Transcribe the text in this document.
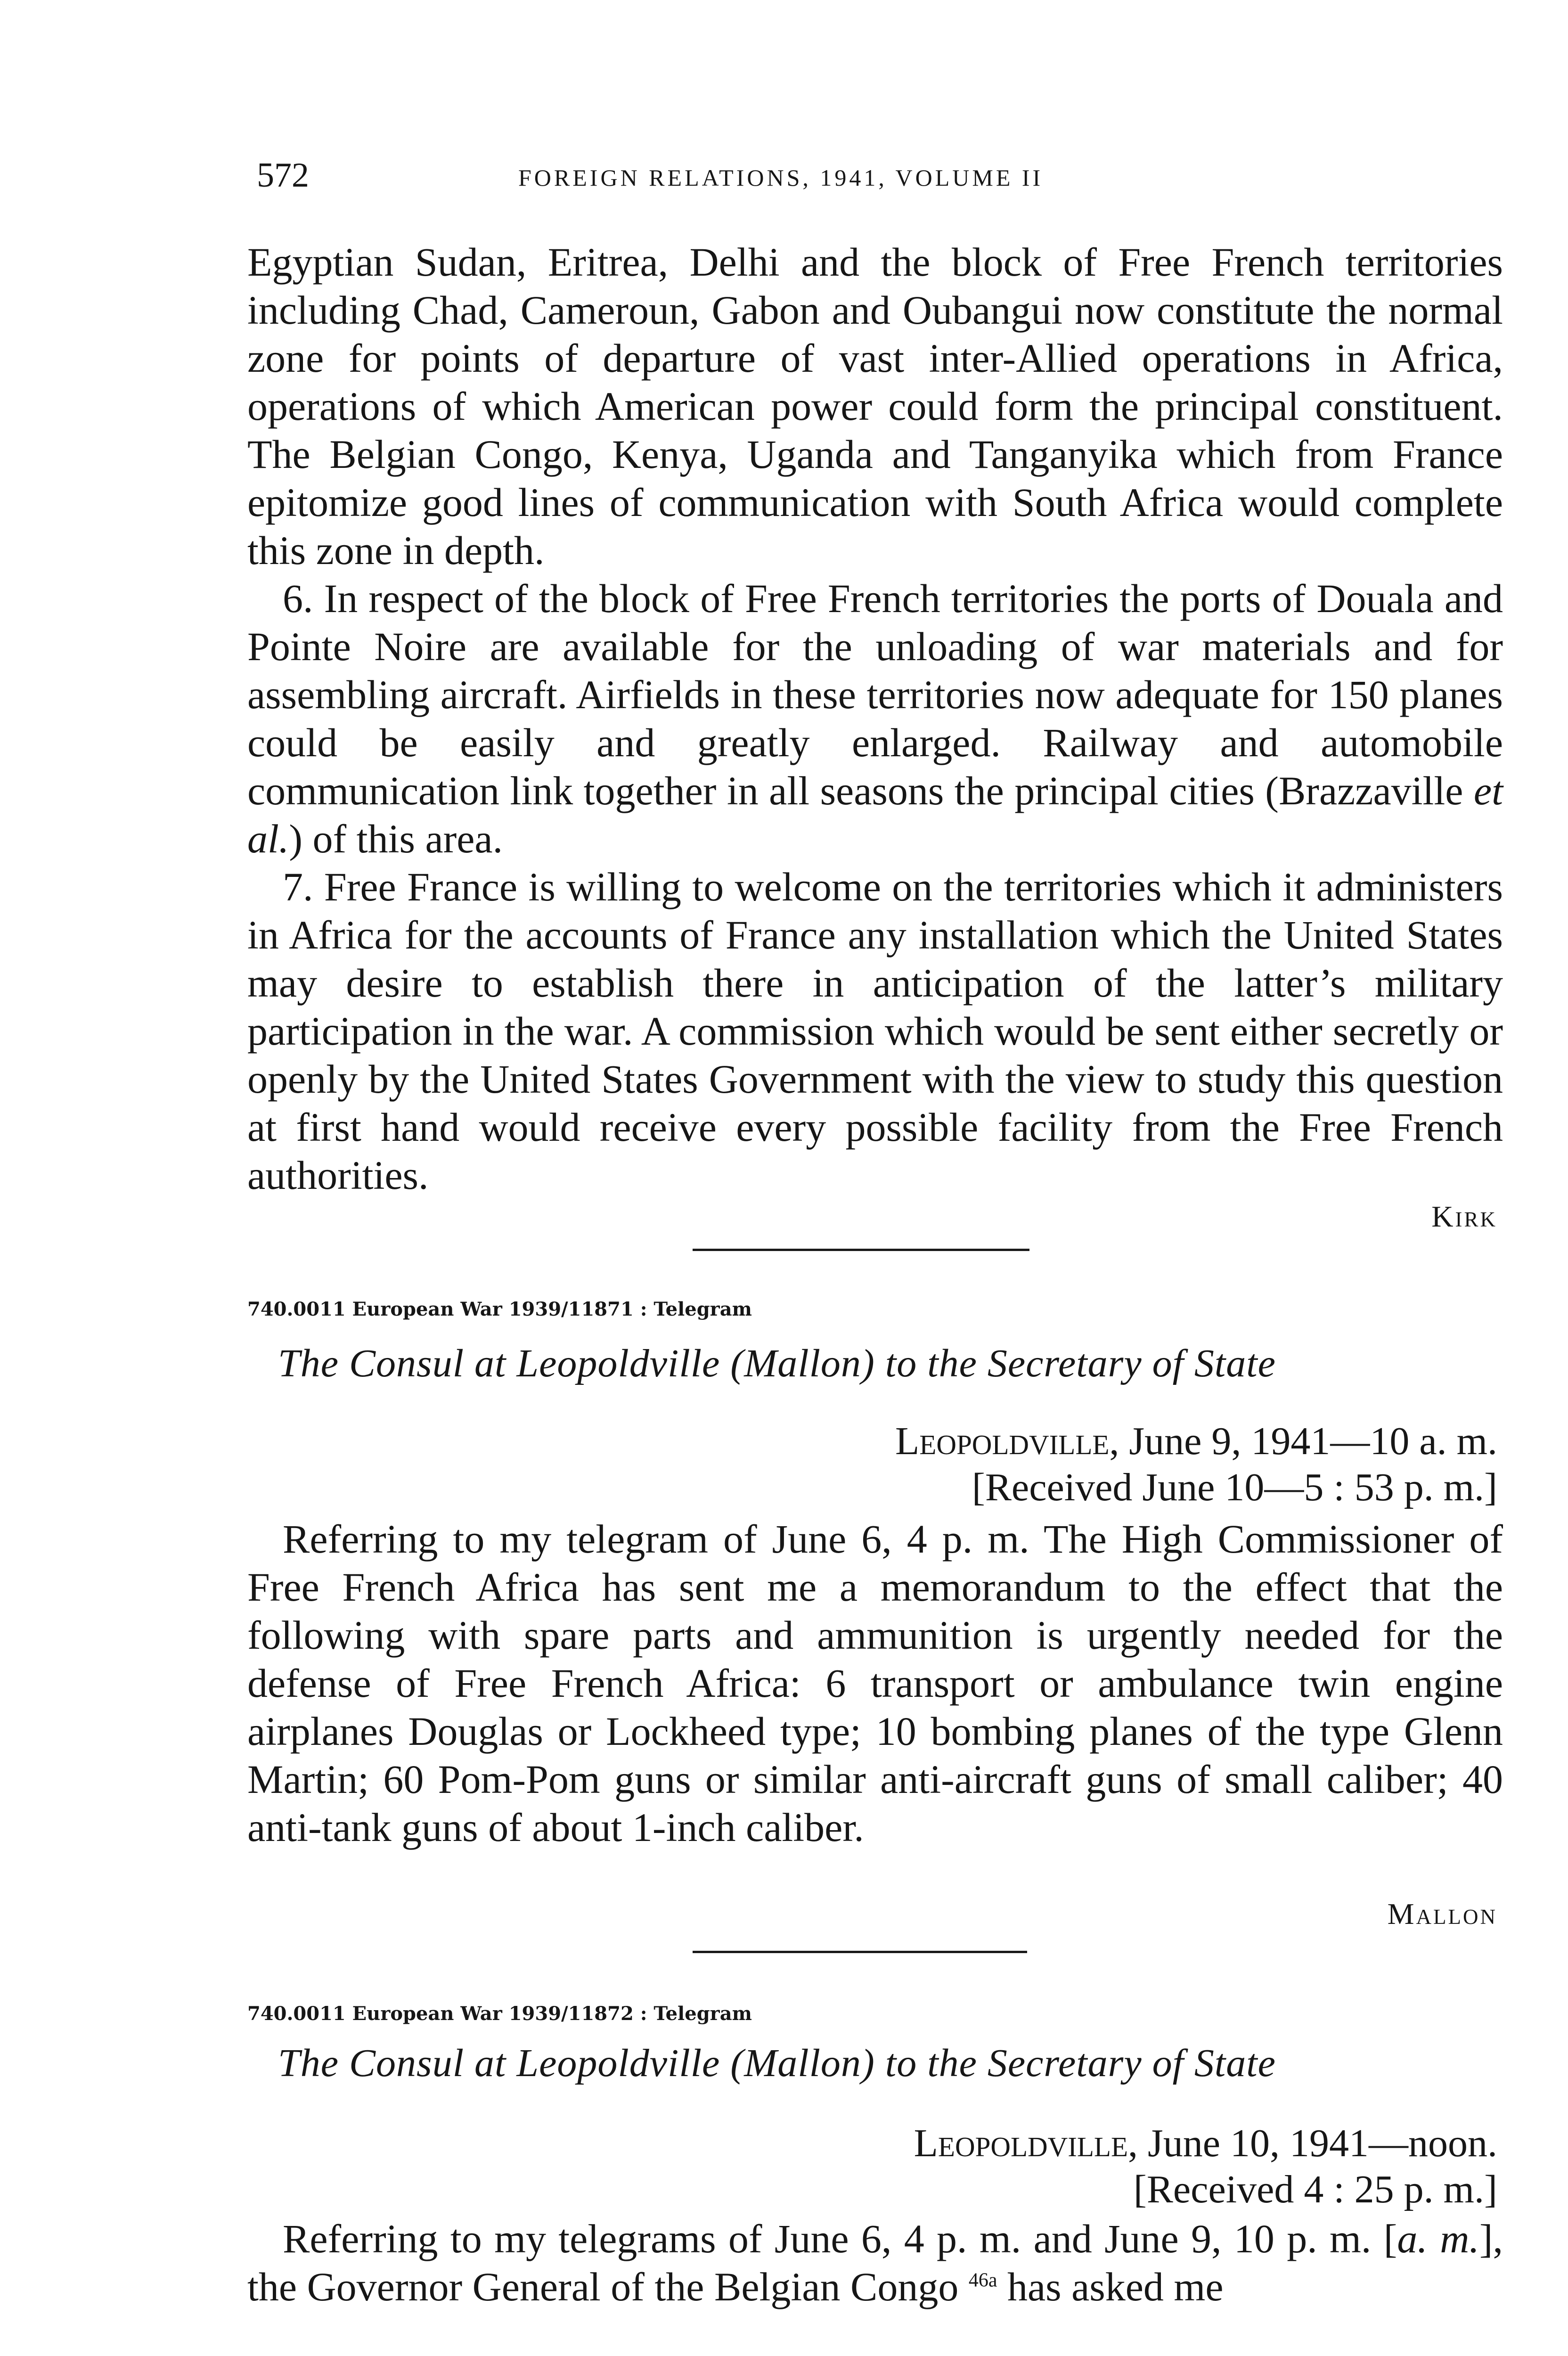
572	FOREIGN RELATIONS, 1941, VOLUME II

Egyptian Sudan, Eritrea, Delhi and the block of Free French territories including Chad, Cameroun, Gabon and Oubangui now constitute the normal zone for points of departure of vast inter-Allied operations in Africa, operations of which American power could form the principal constituent. The Belgian Congo, Kenya, Uganda and Tanganyika which from France epitomize good lines of communication with South Africa would complete this zone in depth.

6. In respect of the block of Free French territories the ports of Douala and Pointe Noire are available for the unloading of war materials and for assembling aircraft. Airfields in these territories now adequate for 150 planes could be easily and greatly enlarged. Railway and automobile communication link together in all seasons the principal cities (Brazzaville et al.) of this area.

7. Free France is willing to welcome on the territories which it administers in Africa for the accounts of France any installation which the United States may desire to establish there in anticipation of the latter’s military participation in the war. A commission which would be sent either secretly or openly by the United States Government with the view to study this question at first hand would receive every possible facility from the Free French authorities.

Kirk
740.0011 European War 1939/11871 : Telegram
The Consul at Leopoldville (Mallon) to the Secretary of State
Leopoldville, June 9, 1941—10 a. m.
[Received June 10—5 : 53 p. m.]

Referring to my telegram of June 6, 4 p. m. The High Commissioner of Free French Africa has sent me a memorandum to the effect that the following with spare parts and ammunition is urgently needed for the defense of Free French Africa: 6 transport or ambulance twin engine airplanes Douglas or Lockheed type; 10 bombing planes of the type Glenn Martin; 60 Pom-Pom guns or similar anti-aircraft guns of small caliber; 40 anti-tank guns of about 1-inch caliber.

Mallon
740.0011 European War 1939/11872 : Telegram
The Consul at Leopoldville (Mallon) to the Secretary of State
Leopoldville, June 10, 1941—noon.
[Received 4 : 25 p. m.]

Referring to my telegrams of June 6, 4 p. m. and June 9, 10 p. m. [a. m.], the Governor General of the Belgian Congo $^{46a}$ has asked me
